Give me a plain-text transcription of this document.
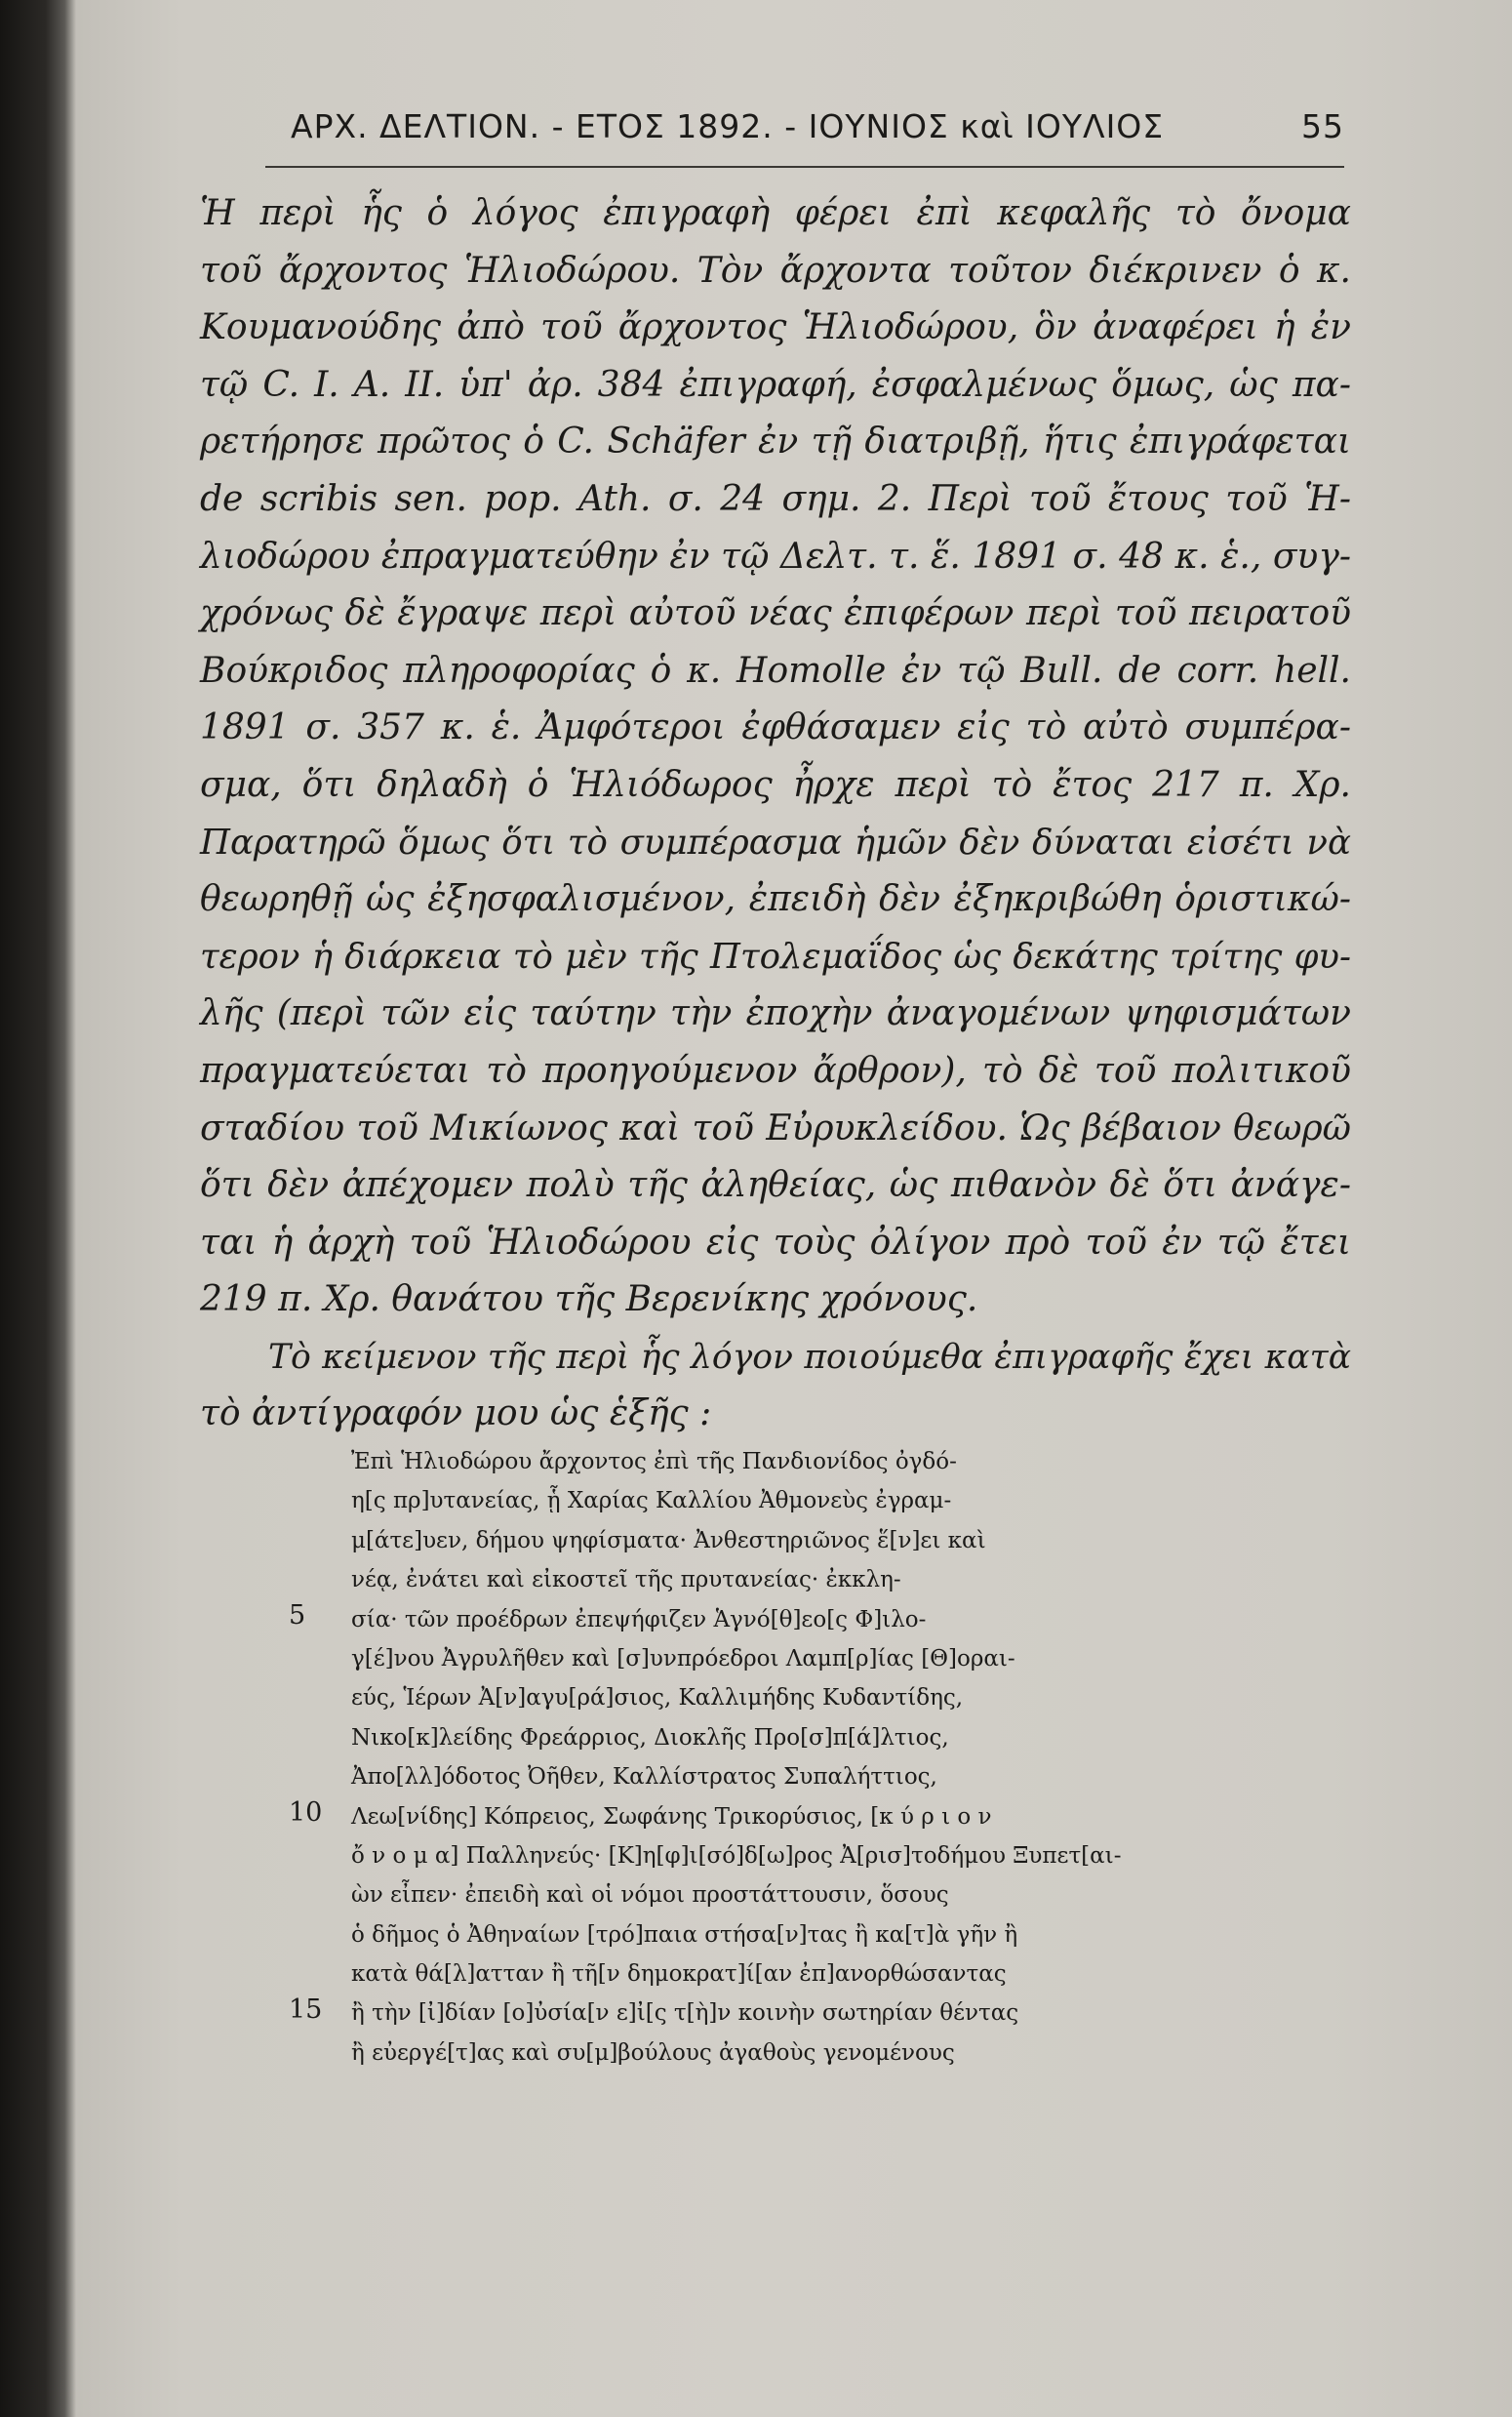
ΑΡΧ. ΔΕΛΤΙΟΝ. - ΕΤΟΣ 1892. - ΙΟΥΝΙΟΣ καὶ ΙΟΥΛΙΟΣ	55
Ἡ περὶ ἧς ὁ λόγος ἐπιγραφὴ φέρει ἐπὶ κεφαλῆς τὸ ὄνομα
τοῦ ἄρχοντος Ἡλιοδώρου. Τὸν ἄρχοντα τοῦτον διέκρινεν ὁ κ.
Κουμανούδης ἀπὸ τοῦ ἄρχοντος Ἡλιοδώρου, ὃν ἀναφέρει ἡ ἐν
τῷ C. I. A. II. ὑπ' ἀρ. 384 ἐπιγραφή, ἐσφαλμένως ὅμως, ὡς πα-
ρετήρησε πρῶτος ὁ C. Schäfer ἐν τῇ διατριβῇ, ἥτις ἐπιγράφεται
de scribis sen. pop. Ath. σ. 24 σημ. 2. Περὶ τοῦ ἔτους τοῦ Ἡ-
λιοδώρου ἐπραγματεύθην ἐν τῷ Δελτ. τ. ἕ. 1891 σ. 48 κ. ἑ., συγ-
χρόνως δὲ ἔγραψε περὶ αὐτοῦ νέας ἐπιφέρων περὶ τοῦ πειρατοῦ
Βούκριδος πληροφορίας ὁ κ. Homolle ἐν τῷ Bull. de corr. hell.
1891 σ. 357 κ. ἑ. Ἀμφότεροι ἐφθάσαμεν εἰς τὸ αὐτὸ συμπέρα-
σμα, ὅτι δηλαδὴ ὁ Ἡλιόδωρος ἦρχε περὶ τὸ ἔτος 217 π. Χρ.
Παρατηρῶ ὅμως ὅτι τὸ συμπέρασμα ἡμῶν δὲν δύναται εἰσέτι νὰ
θεωρηθῇ ὡς ἐξησφαλισμένον, ἐπειδὴ δὲν ἐξηκριβώθη ὁριστικώ-
τερον ἡ διάρκεια τὸ μὲν τῆς Πτολεμαΐδος ὡς δεκάτης τρίτης φυ-
λῆς (περὶ τῶν εἰς ταύτην τὴν ἐποχὴν ἀναγομένων ψηφισμάτων
πραγματεύεται τὸ προηγούμενον ἄρθρον), τὸ δὲ τοῦ πολιτικοῦ
σταδίου τοῦ Μικίωνος καὶ τοῦ Εὐρυκλείδου. Ὡς βέβαιον θεωρῶ
ὅτι δὲν ἀπέχομεν πολὺ τῆς ἀληθείας, ὡς πιθανὸν δὲ ὅτι ἀνάγε-
ται ἡ ἀρχὴ τοῦ Ἡλιοδώρου εἰς τοὺς ὀλίγον πρὸ τοῦ ἐν τῷ ἔτει
219 π. Χρ. θανάτου τῆς Βερενίκης χρόνους.
Τὸ κείμενον τῆς περὶ ἧς λόγον ποιούμεθα ἐπιγραφῆς ἔχει κατὰ
τὸ ἀντίγραφόν μου ὡς ἑξῆς :
Ἐπὶ Ἡλιοδώρου ἄρχοντος ἐπὶ τῆς Πανδιονίδος ὀγδό-
η[ς πρ]υτανείας, ᾗ Χαρίας Καλλίου Ἀθμονεὺς ἐγραμ-
μ[άτε]υεν, δήμου ψηφίσματα· Ἀνθεστηριῶνος ἕ[ν]ει καὶ
νέᾳ, ἐνάτει καὶ εἰκοστεῖ τῆς πρυτανείας· ἐκκλη-
σία· τῶν προέδρων ἐπεψήφιζεν Ἁγνό[θ]εο[ς Φ]ιλο-
γ[έ]νου Ἀγρυλῆθεν καὶ [σ]υνπρόεδροι Λαμπ[ρ]ίας [Θ]οραι-
εύς, Ἱέρων Ἀ[ν]αγυ[ρά]σιος, Καλλιμήδης Κυδαντίδης,
Νικο[κ]λείδης Φρεάρριος, Διοκλῆς Προ[σ]π[ά]λτιος,
Ἀπο[λλ]όδοτος Ὀῆθεν, Καλλίστρατος Συπαλήττιος,
Λεω[νίδης] Κόπρειος, Σωφάνης Τρικορύσιος, [κ ύ ρ ι ο ν
ὄ ν ο μ α] Παλληνεύς· [Κ]η[φ]ι[σό]δ[ω]ρος Ἀ[ρισ]τοδήμου Ξυπετ[αι-
ὼν εἶπεν· ἐπειδὴ καὶ οἱ νόμοι προστάττουσιν, ὅσους
ὁ δῆμος ὁ Ἀθηναίων [τρό]παια στήσα[ν]τας ἢ κα[τ]ὰ γῆν ἢ
κατὰ θά[λ]ατταν ἢ τῆ[ν δημοκρατ]ί[αν ἐπ]ανορθώσαντας
ἢ τὴν [ἰ]δίαν [ο]ὐσία[ν ε]ἰ[ς τ[ὴ]ν κοινὴν σωτηρίαν θέντας
ἢ εὐεργέ[τ]ας καὶ συ[μ]βούλους ἀγαθοὺς γενομένους
5
10
15
